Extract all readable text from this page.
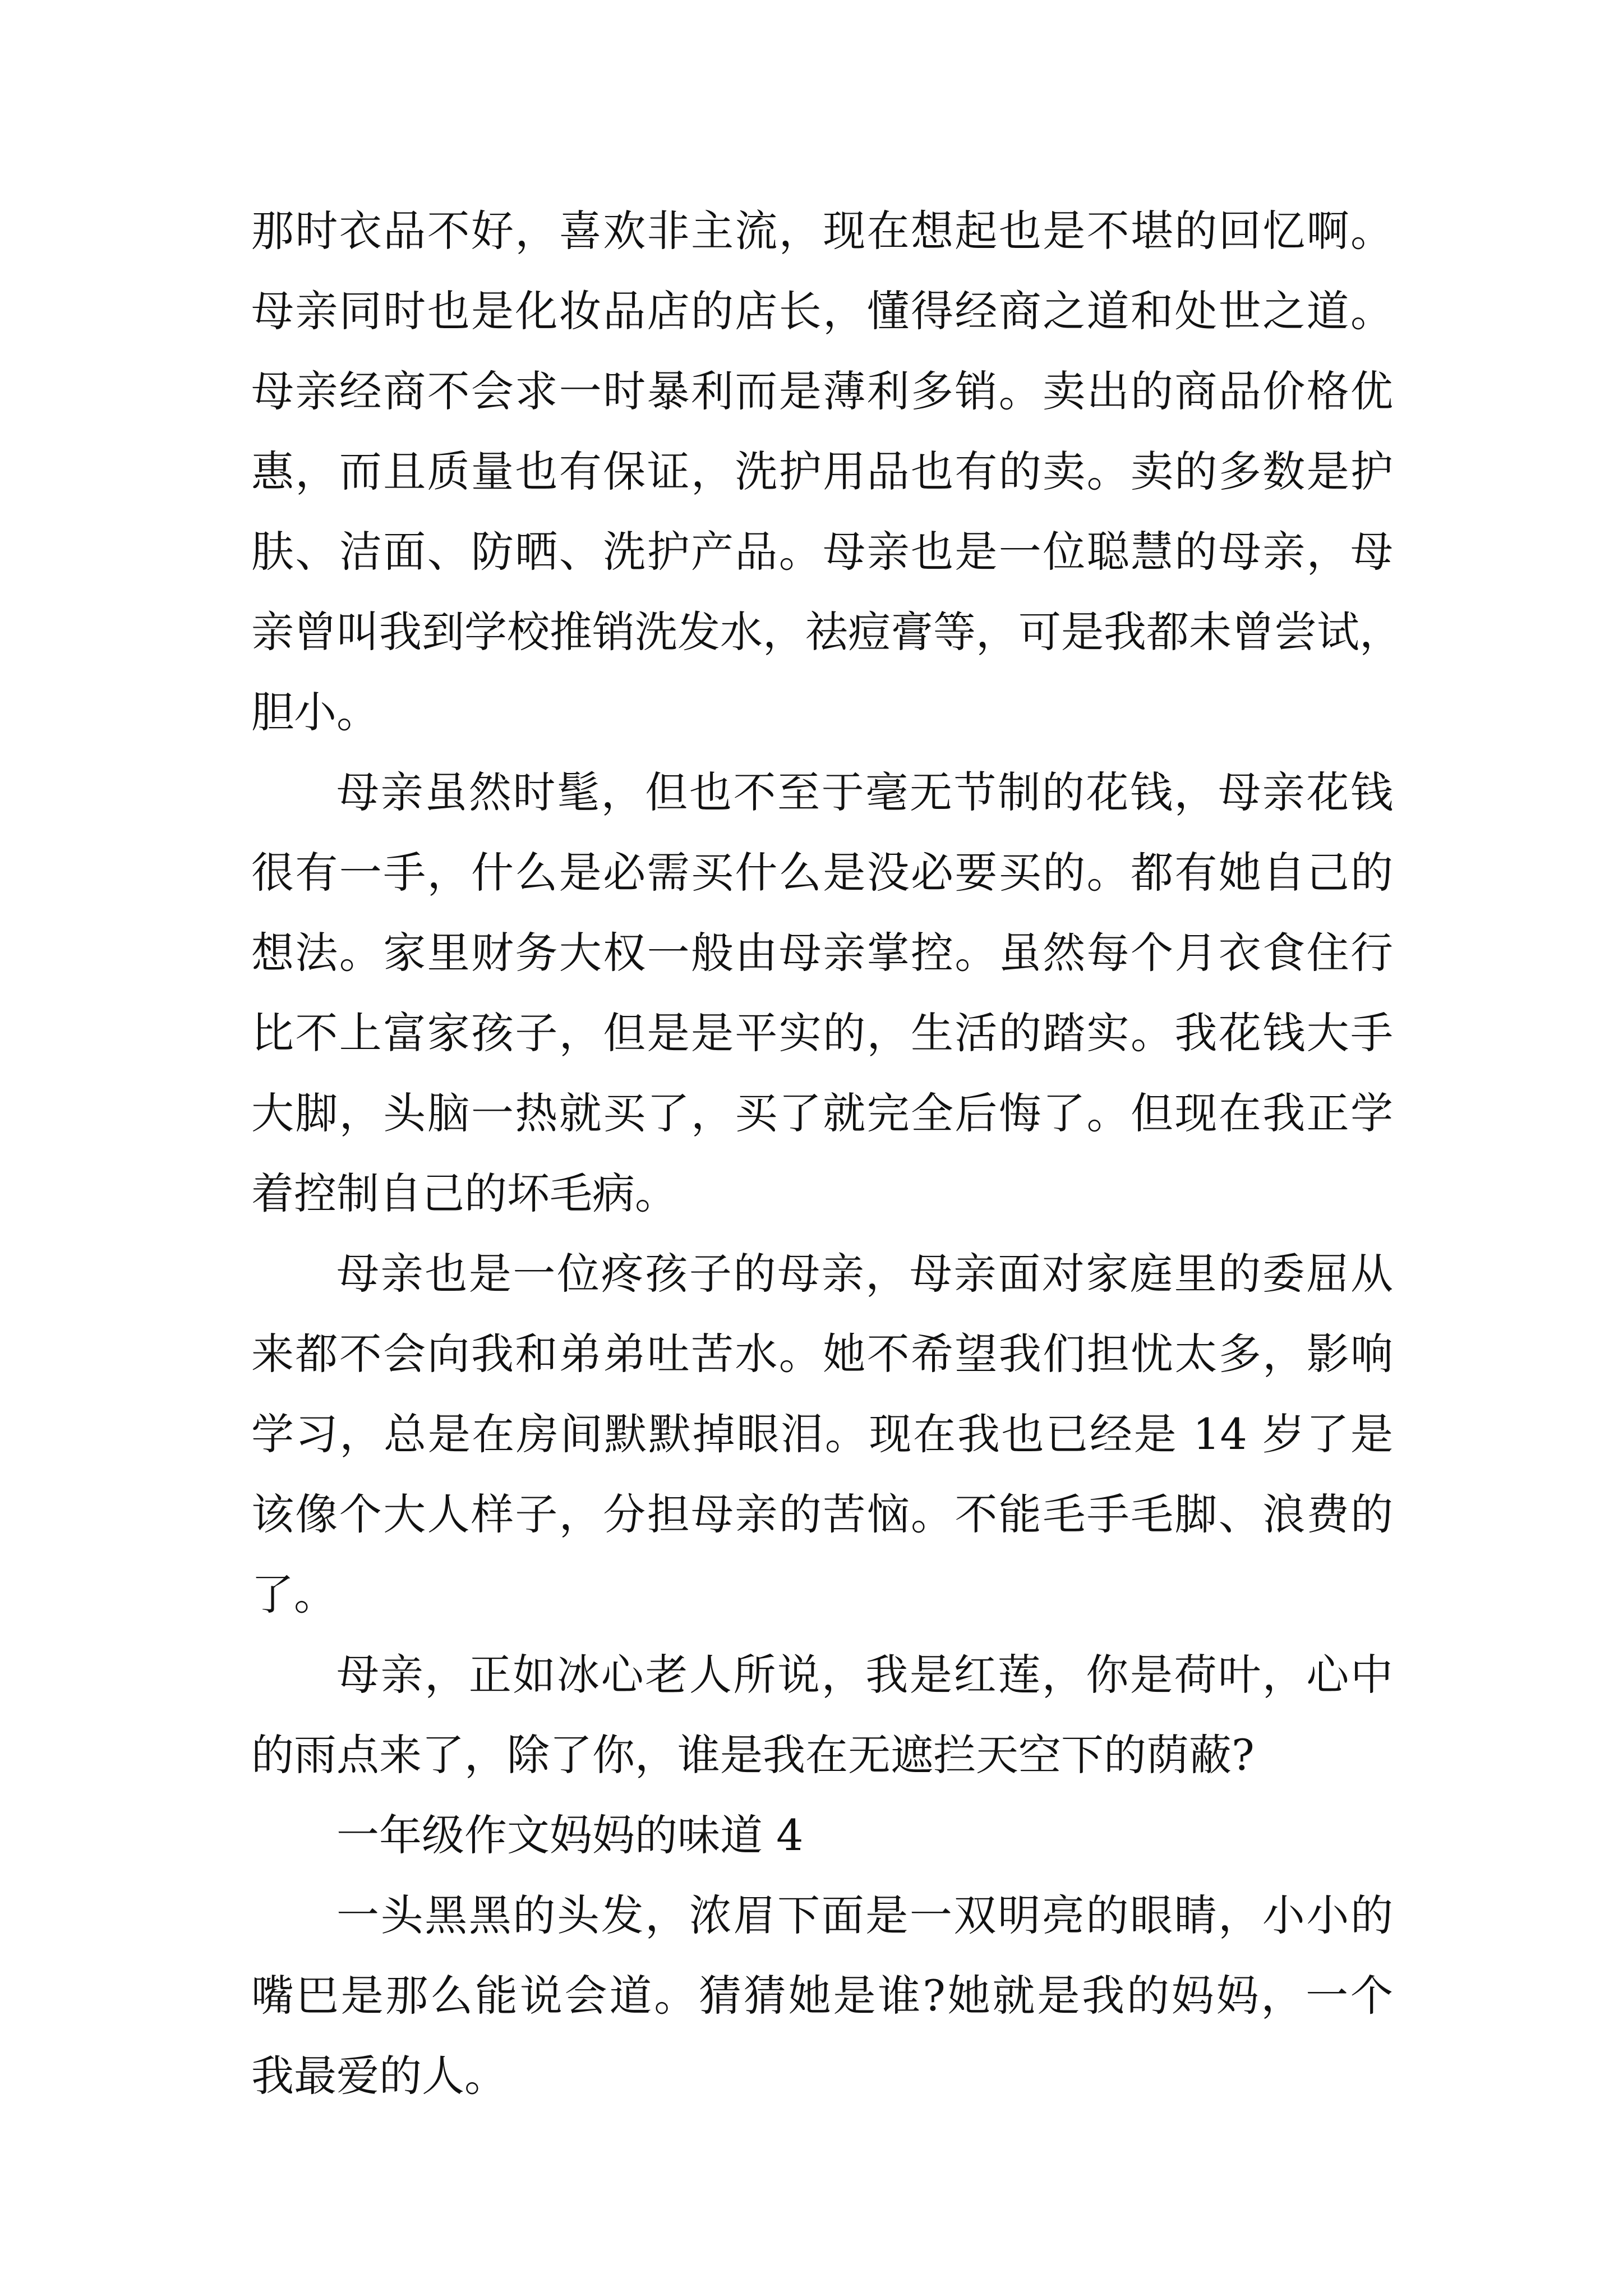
那时衣品不好，喜欢非主流，现在想起也是不堪的回忆啊。
母亲同时也是化妆品店的店长，懂得经商之道和处世之道。
母亲经商不会求一时暴利而是薄利多销。卖出的商品价格优
惠，而且质量也有保证，洗护用品也有的卖。卖的多数是护
肤、洁面、防晒、洗护产品。母亲也是一位聪慧的母亲，母
亲曾叫我到学校推销洗发水，祛痘膏等，可是我都未曾尝试，
胆小。
母亲虽然时髦，但也不至于毫无节制的花钱，母亲花钱
很有一手，什么是必需买什么是没必要买的。都有她自己的
想法。家里财务大权一般由母亲掌控。虽然每个月衣食住行
比不上富家孩子，但是是平实的，生活的踏实。我花钱大手
大脚，头脑一热就买了，买了就完全后悔了。但现在我正学
着控制自己的坏毛病。
母亲也是一位疼孩子的母亲，母亲面对家庭里的委屈从
来都不会向我和弟弟吐苦水。她不希望我们担忧太多，影响
学习，总是在房间默默掉眼泪。现在我也已经是 14 岁了是
该像个大人样子，分担母亲的苦恼。不能毛手毛脚、浪费的
了。
母亲，正如冰心老人所说，我是红莲，你是荷叶，心中
的雨点来了，除了你，谁是我在无遮拦天空下的荫蔽?
一年级作文妈妈的味道 4
一头黑黑的头发，浓眉下面是一双明亮的眼睛，小小的
嘴巴是那么能说会道。猜猜她是谁?她就是我的妈妈，一个
我最爱的人。
